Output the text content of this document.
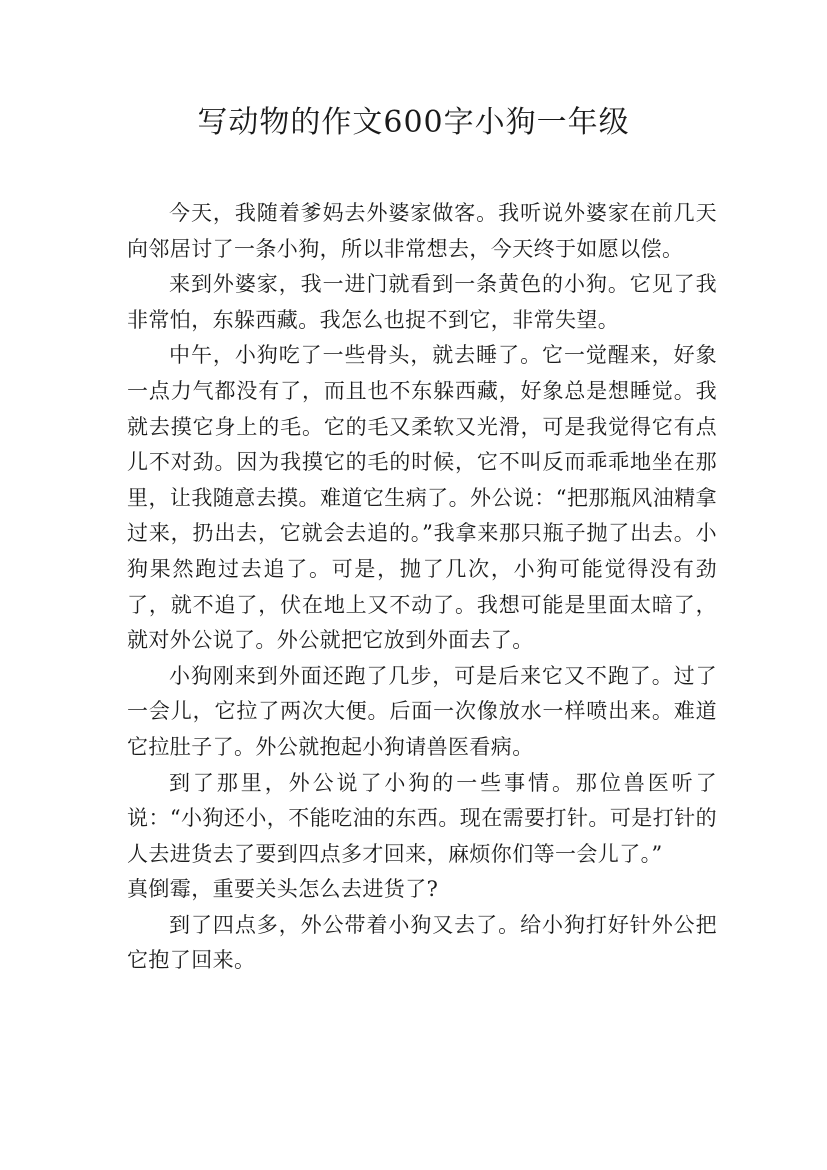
写动物的作文600字小狗一年级

今天，我随着爹妈去外婆家做客。我听说外婆家在前几天向邻居讨了一条小狗，所以非常想去，今天终于如愿以偿。

来到外婆家，我一进门就看到一条黄色的小狗。它见了我非常怕，东躲西藏。我怎么也捉不到它，非常失望。

中午，小狗吃了一些骨头，就去睡了。它一觉醒来，好象一点力气都没有了，而且也不东躲西藏，好象总是想睡觉。我就去摸它身上的毛。它的毛又柔软又光滑，可是我觉得它有点儿不对劲。因为我摸它的毛的时候，它不叫反而乖乖地坐在那里，让我随意去摸。难道它生病了。外公说：“把那瓶风油精拿过来，扔出去，它就会去追的。”我拿来那只瓶子抛了出去。小狗果然跑过去追了。可是，抛了几次，小狗可能觉得没有劲了，就不追了，伏在地上又不动了。我想可能是里面太暗了，就对外公说了。外公就把它放到外面去了。

小狗刚来到外面还跑了几步，可是后来它又不跑了。过了一会儿，它拉了两次大便。后面一次像放水一样喷出来。难道它拉肚子了。外公就抱起小狗请兽医看病。

到了那里，外公说了小狗的一些事情。那位兽医听了说：“小狗还小，不能吃油的东西。现在需要打针。可是打针的人去进货去了要到四点多才回来，麻烦你们等一会儿了。”

真倒霉，重要关头怎么去进货了?

到了四点多，外公带着小狗又去了。给小狗打好针外公把它抱了回来。
